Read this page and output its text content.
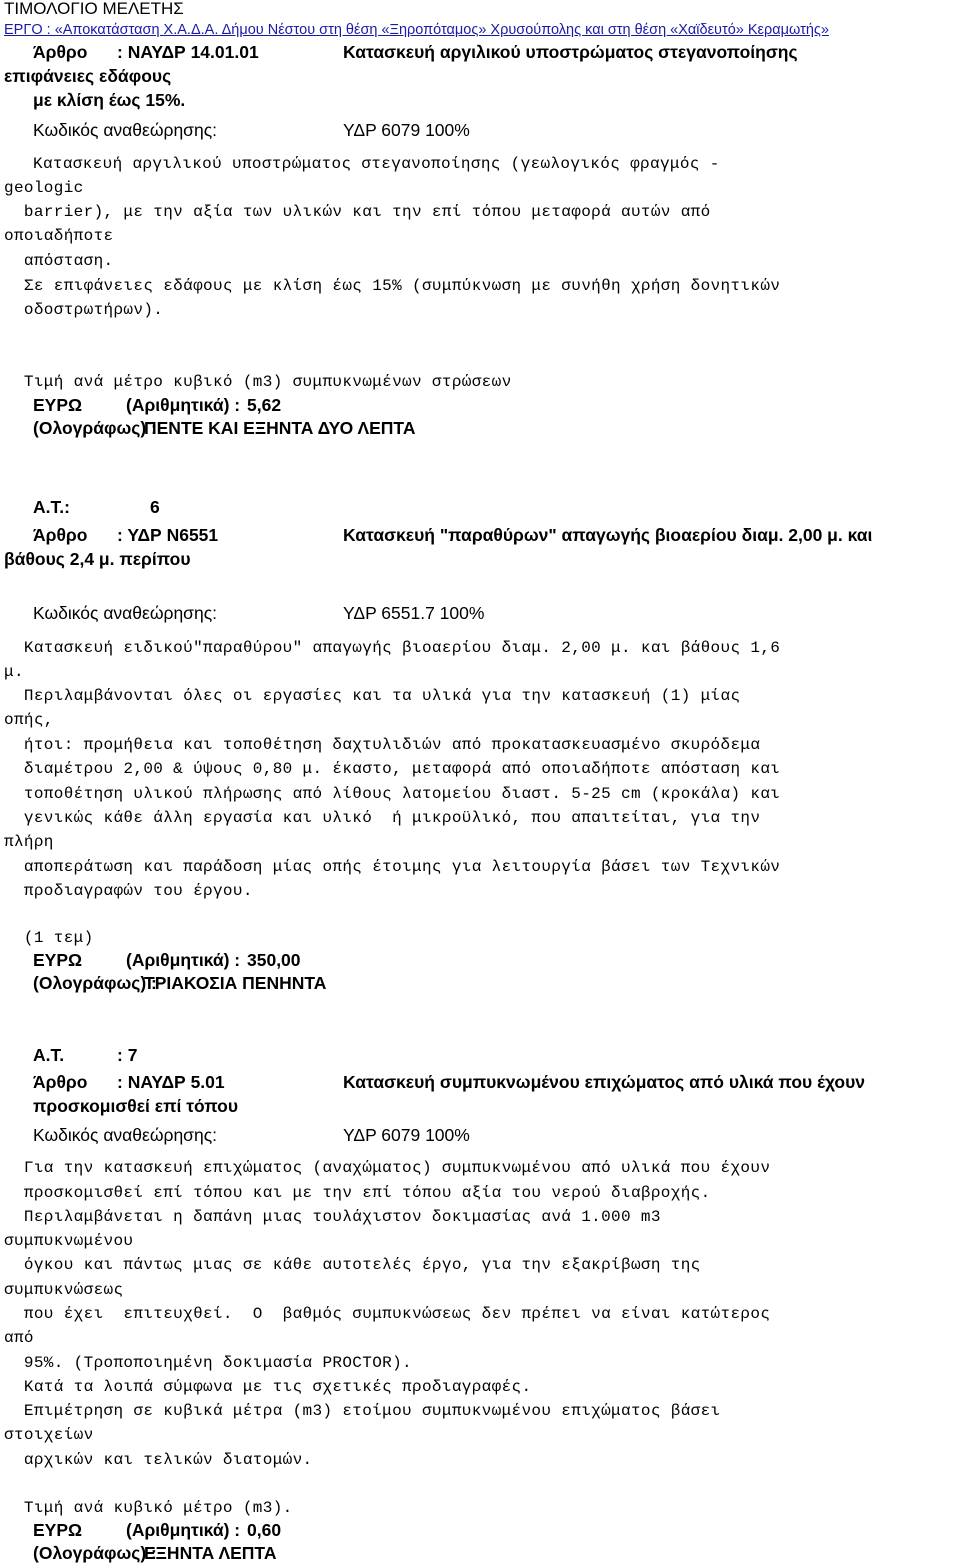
ΤΙΜΟΛΟΓΙΟ ΜΕΛΕΤΗΣ
ΕΡΓΟ : «Αποκατάσταση Χ.Α.Δ.Α. Δήμου Νέστου στη θέση «Ξηροπόταμος» Χρυσούπολης και στη θέση «Χαϊδευτό» Κεραμωτής»
Άρθρο : ΝΑΥΔΡ 14.01.01	Κατασκευή αργιλικού υποστρώματος στεγανοποίησης
επιφάνειες εδάφους
με κλίση έως 15%.
Κωδικός αναθεώρησης:	ΥΔΡ 6079 100%
Κατασκευή αργιλικού υποστρώματος στεγανοποίησης (γεωλογικός φραγμός -
geologic
barrier), με την αξία των υλικών και την επί τόπου μεταφορά αυτών από
οποιαδήποτε
απόσταση.
Σε επιφάνειες εδάφους με κλίση έως 15% (συμπύκνωση με συνήθη χρήση δονητικών
οδοστρωτήρων).
Τιμή ανά μέτρο κυβικό (m3) συμπυκνωμένων στρώσεων
ΕΥΡΩ	(Αριθμητικά) : 5,62
(Ολογράφως) :
ΠΕΝΤΕ ΚΑΙ ΕΞΗΝΤΑ ΔΥΟ ΛΕΠΤΑ
Α.Τ.:	6
Άρθρο : ΥΔΡ Ν6551	Κατασκευή "παραθύρων" απαγωγής βιοαερίου διαμ. 2,00 μ. και
βάθους 2,4 μ. περίπου
Κωδικός αναθεώρησης:	ΥΔΡ 6551.7 100%
Κατασκευή ειδικού"παραθύρου" απαγωγής βιοαερίου διαμ. 2,00 μ. και βάθους 1,6
μ.
Περιλαμβάνονται όλες οι εργασίες και τα υλικά για την κατασκευή (1) μίας
οπής,
ήτοι: προμήθεια και τοποθέτηση δαχτυλιδιών από προκατασκευασμένο σκυρόδεμα
διαμέτρου 2,00 & ύψους 0,80 μ. έκαστο, μεταφορά από οποιαδήποτε απόσταση και
τοποθέτηση υλικού πλήρωσης από λίθους λατομείου διαστ. 5-25 cm (κροκάλα) και
γενικώς κάθε άλλη εργασία και υλικό  ή μικροϋλικό, που απαιτείται, για την
πλήρη
αποπεράτωση και παράδοση μίας οπής έτοιμης για λειτουργία βάσει των Τεχνικών
προδιαγραφών του έργου.
(1 τεμ)
ΕΥΡΩ	(Αριθμητικά) : 350,00
(Ολογράφως) :
ΤΡΙΑΚΟΣΙΑ ΠΕΝΗΝΤΑ
Α.Τ.	: 7
Άρθρο : ΝΑΥΔΡ 5.01	Κατασκευή συμπυκνωμένου επιχώματος από υλικά που έχουν
προσκομισθεί επί τόπου
Κωδικός αναθεώρησης:	ΥΔΡ 6079 100%
Για την κατασκευή επιχώματος (αναχώματος) συμπυκνωμένου από υλικά που έχουν
προσκομισθεί επί τόπου και με την επί τόπου αξία του νερού διαβροχής.
Περιλαμβάνεται η δαπάνη μιας τουλάχιστον δοκιμασίας ανά 1.000 m3
συμπυκνωμένου
όγκου και πάντως μιας σε κάθε αυτοτελές έργο, για την εξακρίβωση της
συμπυκνώσεως
που έχει  επιτευχθεί.  Ο  βαθμός συμπυκνώσεως δεν πρέπει να είναι κατώτερος
από
95%. (Τροποποιημένη δοκιμασία PROCTOR).
Κατά τα λοιπά σύμφωνα με τις σχετικές προδιαγραφές.
Επιμέτρηση σε κυβικά μέτρα (m3) ετοίμου συμπυκνωμένου επιχώματος βάσει
στοιχείων
αρχικών και τελικών διατομών.
Τιμή ανά κυβικό μέτρο (m3).
ΕΥΡΩ	(Αριθμητικά) : 0,60
(Ολογράφως) :
ΕΞΗΝΤΑ ΛΕΠΤΑ
